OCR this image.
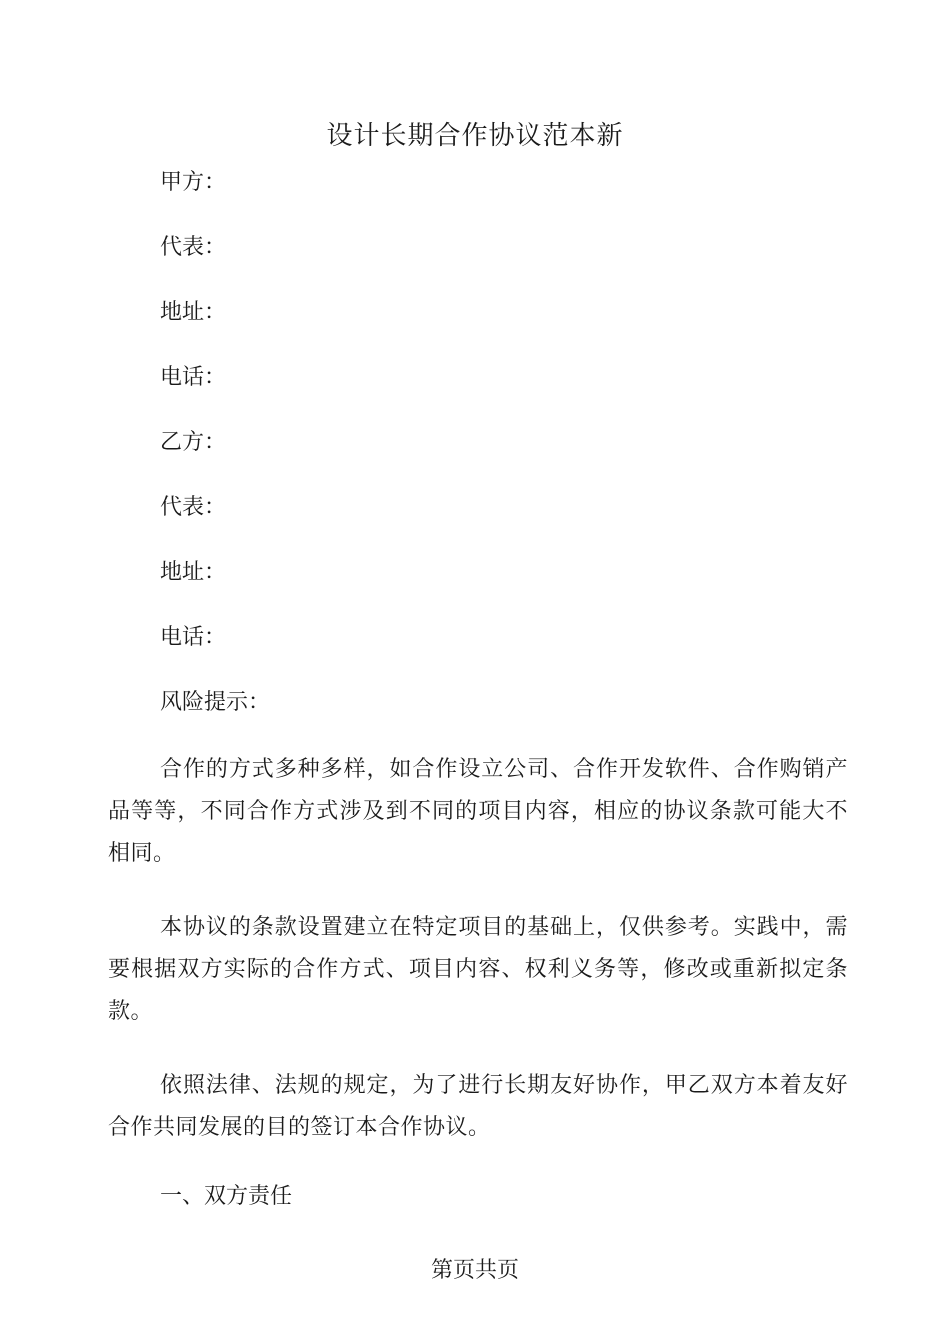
设计长期合作协议范本新
甲方：
代表：
地址：
电话：
乙方：
代表：
地址：
电话：
风险提示：
合作的方式多种多样，如合作设立公司、合作开发软件、合作购销产品等等，不同合作方式涉及到不同的项目内容，相应的协议条款可能大不相同。
本协议的条款设置建立在特定项目的基础上，仅供参考。实践中，需要根据双方实际的合作方式、项目内容、权利义务等，修改或重新拟定条款。
依照法律、法规的规定，为了进行长期友好协作，甲乙双方本着友好合作共同发展的目的签订本合作协议。
一、双方责任
第页共页
